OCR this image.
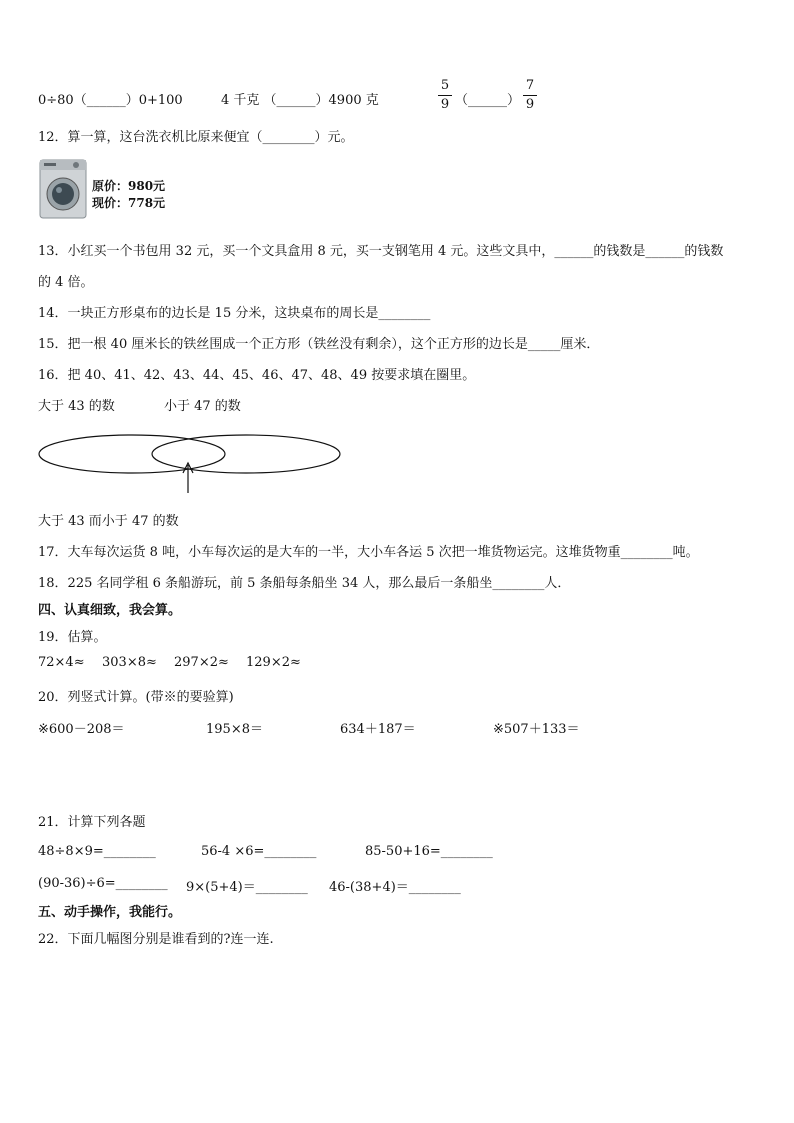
0÷80（______）0+100	4 千克 （______）4900 克
5
9 （______）
7
9
12．算一算，这台洗衣机比原来便宜（________）元。
原价：980元
现价：778元
13．小红买一个书包用 32 元，买一个文具盒用 8 元，买一支钢笔用 4 元。这些文具中，______的钱数是______的钱数
的 4 倍。
14．一块正方形桌布的边长是 15 分米，这块桌布的周长是________
15．把一根 40 厘米长的铁丝围成一个正方形（铁丝没有剩余），这个正方形的边长是_____厘米．
16．把 40、41、42、43、44、45、46、47、48、49 按要求填在圈里。
大于 43 的数	小于 47 的数
大于 43 而小于 47 的数
17．大车每次运货 8 吨，小车每次运的是大车的一半，大小车各运 5 次把一堆货物运完。这堆货物重________吨。
18．225 名同学租 6 条船游玩，前 5 条船每条船坐 34 人，那么最后一条船坐________人．
四、认真细致，我会算。
19．估算。
72×4≈ 303×8≈ 297×2≈ 129×2≈
20．列竖式计算。(带※的要验算)
※600－208＝	195×8＝	634＋187＝	※507＋133＝
21．计算下列各题
48÷8×9=________	56-4 ×6=________	85-50+16=________
(90-36)÷6=________ 9×(5+4)＝________ 46-(38+4)＝________
五、动手操作，我能行。
22．下面几幅图分别是谁看到的?连一连.
